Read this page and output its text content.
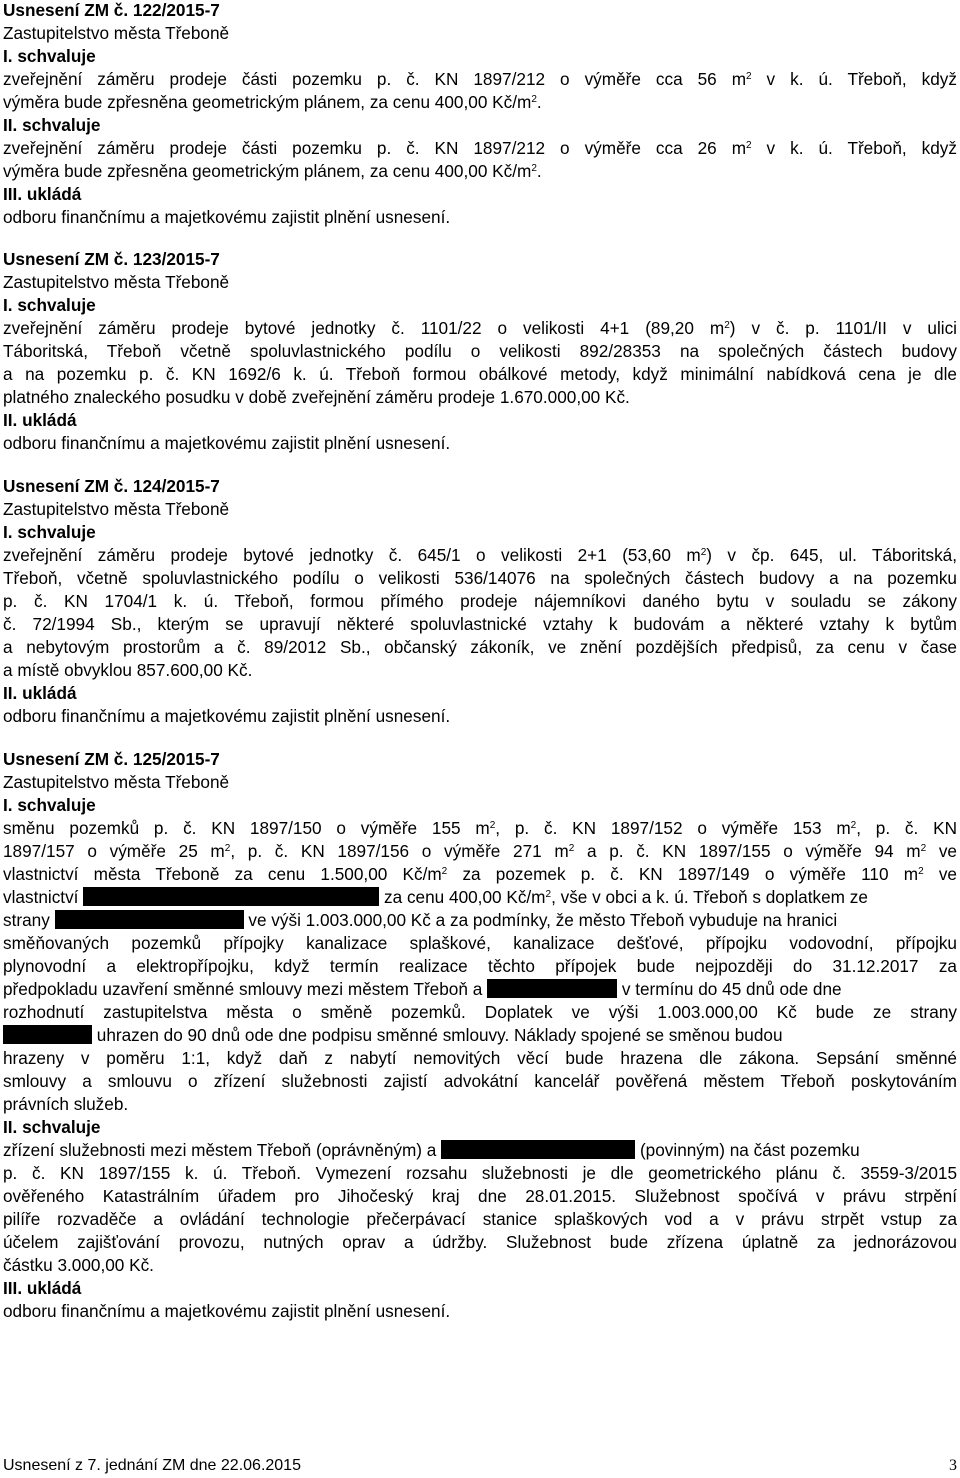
Usnesení ZM č. 122/2015-7
Zastupitelstvo města Třeboně
I. schvaluje
zveřejnění záměru prodeje části pozemku p. č. KN 1897/212 o výměře cca 56 $m^2$ v k. ú. Třeboň, když
výměra bude zpřesněna geometrickým plánem, za cenu 400,00 $Kč/m^2$.
II. schvaluje
zveřejnění záměru prodeje části pozemku p. č. KN 1897/212 o výměře cca 26 $m^2$ v k. ú. Třeboň, když
výměra bude zpřesněna geometrickým plánem, za cenu 400,00 $Kč/m^2$.
III. ukládá
odboru finančnímu a majetkovému zajistit plnění usnesení.
Usnesení ZM č. 123/2015-7
Zastupitelstvo města Třeboně
I. schvaluje
zveřejnění záměru prodeje bytové jednotky č. 1101/22 o velikosti 4+1 (89,20 $m^2$) v č. p. 1101/II v ulici
Táboritská, Třeboň včetně spoluvlastnického podílu o velikosti 892/28353 na společných částech budovy
a na pozemku p. č. KN 1692/6 k. ú. Třeboň formou obálkové metody, když minimální nabídková cena je dle
platného znaleckého posudku v době zveřejnění záměru prodeje 1.670.000,00 Kč.
II. ukládá
odboru finančnímu a majetkovému zajistit plnění usnesení.
Usnesení ZM č. 124/2015-7
Zastupitelstvo města Třeboně
I. schvaluje
zveřejnění záměru prodeje bytové jednotky č. 645/1 o velikosti 2+1 (53,60 $m^2$) v čp. 645, ul. Táboritská,
Třeboň, včetně spoluvlastnického podílu o velikosti 536/14076 na společných částech budovy a na pozemku
p. č. KN 1704/1 k. ú. Třeboň, formou přímého prodeje nájemníkovi daného bytu v souladu se zákony
č. 72/1994 Sb., kterým se upravují některé spoluvlastnické vztahy k budovám a některé vztahy k bytům
a nebytovým prostorům a č. 89/2012 Sb., občanský zákoník, ve znění pozdějších předpisů, za cenu v čase
a místě obvyklou 857.600,00 Kč.
II. ukládá
odboru finančnímu a majetkovému zajistit plnění usnesení.
Usnesení ZM č. 125/2015-7
Zastupitelstvo města Třeboně
I. schvaluje
směnu pozemků p. č. KN 1897/150 o výměře 155 $m^2$, p. č. KN 1897/152 o výměře 153 $m^2$, p. č. KN
1897/157 o výměře 25 $m^2$, p. č. KN 1897/156 o výměře 271 $m^2$ a p. č. KN 1897/155 o výměře 94 $m^2$ ve
vlastnictví města Třeboně za cenu 1.500,00 $Kč/m^2$ za pozemek p. č. KN 1897/149 o výměře 110 $m^2$ ve
vlastnictví	za cenu 400,00 $Kč/m^2$, vše v obci a k. ú. Třeboň s doplatkem ze
strany	ve výši 1.003.000,00 Kč a za podmínky, že město Třeboň vybuduje na hranici
směňovaných pozemků přípojky kanalizace splaškové, kanalizace dešťové, přípojku vodovodní, přípojku
plynovodní a elektropřípojku, když termín realizace těchto přípojek bude nejpozději do 31.12.2017 za
předpokladu uzavření směnné smlouvy mezi městem Třeboň a	v termínu do 45 dnů ode dne
rozhodnutí zastupitelstva města o směně pozemků. Doplatek ve výši 1.003.000,00 Kč bude ze strany
uhrazen do 90 dnů ode dne podpisu směnné smlouvy. Náklady spojené se směnou budou
hrazeny v poměru 1:1, když daň z nabytí nemovitých věcí bude hrazena dle zákona. Sepsání směnné
smlouvy a smlouvu o zřízení služebnosti zajistí advokátní kancelář pověřená městem Třeboň poskytováním
právních služeb.
II. schvaluje
zřízení služebnosti mezi městem Třeboň (oprávněným) a	(povinným) na část pozemku
p. č. KN 1897/155 k. ú. Třeboň. Vymezení rozsahu služebnosti je dle geometrického plánu č. 3559-3/2015
ověřeného Katastrálním úřadem pro Jihočeský kraj dne 28.01.2015. Služebnost spočívá v právu strpění
pilíře rozvaděče a ovládání technologie přečerpávací stanice splaškových vod a v právu strpět vstup za
účelem zajišťování provozu, nutných oprav a údržby. Služebnost bude zřízena úplatně za jednorázovou
částku 3.000,00 Kč.
III. ukládá
odboru finančnímu a majetkovému zajistit plnění usnesení.
Usnesení z 7. jednání ZM dne 22.06.2015	3
